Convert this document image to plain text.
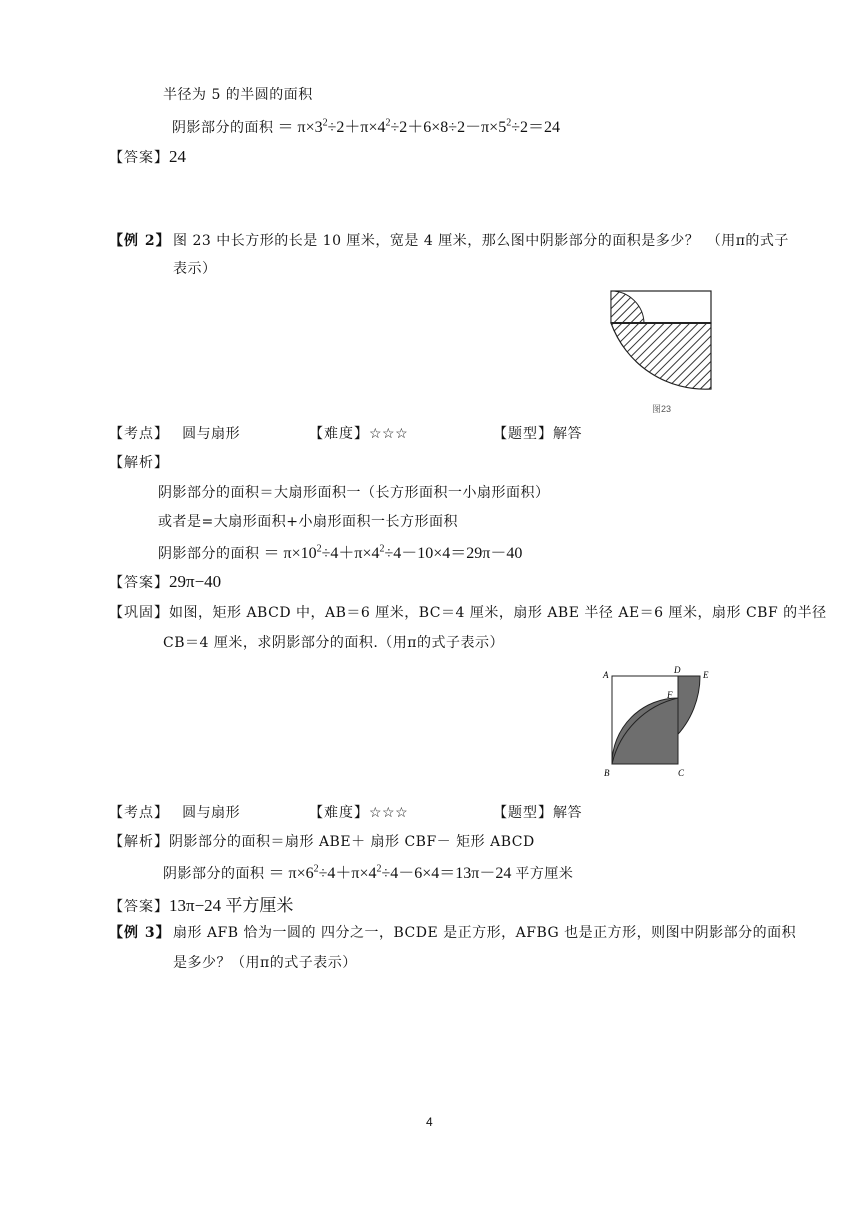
半径为 5 的半圆的面积
阴影部分的面积 ＝ $\pi\times 3^2\div 2+\pi\times 4^2\div 2+6\times 8\div 2-\pi\times 5^2\div 2=24$
【答案】24
【例 2】 图 23 中长方形的长是 10 厘米，宽是 4 厘米，那么图中阴影部分的面积是多少？　（用π的式子
表示）
图23
【考点】 圆与扇形	【难度】☆☆☆	【题型】解答
【解析】
阴影部分的面积＝大扇形面积一（长方形面积一小扇形面积）
或者是=大扇形面积+小扇形面积一长方形面积
阴影部分的面积 ＝ $\pi\times 10^2\div 4+\pi\times 4^2\div 4-10\times 4=29\pi-40$
【答案】29π−40
【巩固】如图，矩形 ABCD 中，AB＝6 厘米，BC＝4 厘米，扇形 ABE 半径 AE＝6 厘米，扇形 CBF 的半径
CB＝4 厘米，求阴影部分的面积.（用π的式子表示）
A	D	E
F
B	C
【考点】 圆与扇形	【难度】☆☆☆	【题型】解答
【解析】阴影部分的面积＝扇形 ABE＋ 扇形 CBF－ 矩形 ABCD
阴影部分的面积 ＝ $\pi\times 6^2\div 4+\pi\times 4^2\div 4-6\times 4=13\pi-24$ 平方厘米
【答案】13π−24 平方厘米
【例 3】 扇形 AFB 恰为一圆的 四分之一，BCDE 是正方形，AFBG 也是正方形，则图中阴影部分的面积
是多少？（用π的式子表示）
4
